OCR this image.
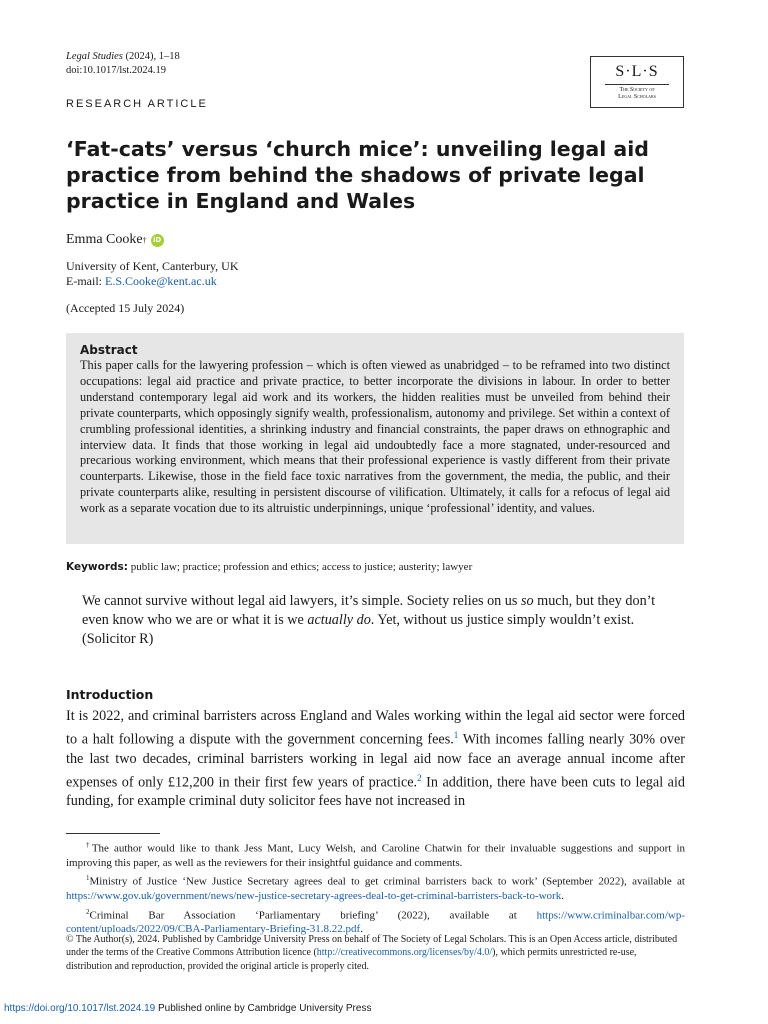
Legal Studies (2024), 1–18
doi:10.1017/lst.2024.19	S·L·S
The Society of
Legal Scholars
RESEARCH ARTICLE
‘Fat-cats’ versus ‘church mice’: unveiling legal aid practice from behind the shadows of private legal practice in England and Wales
Emma Cooke † iD
University of Kent, Canterbury, UK
E-mail: E.S.Cooke@kent.ac.uk
(Accepted 15 July 2024)
Abstract
This paper calls for the lawyering profession – which is often viewed as unabridged – to be reframed into two distinct occupations: legal aid practice and private practice, to better incorporate the divisions in labour. In order to better understand contemporary legal aid work and its workers, the hidden realities must be unveiled from behind their private counterparts, which opposingly signify wealth, professionalism, autonomy and privilege. Set within a context of crumbling professional identities, a shrinking industry and financial constraints, the paper draws on ethnographic and interview data. It finds that those working in legal aid undoubtedly face a more stagnated, under-resourced and precarious working environment, which means that their professional experience is vastly different from their private counterparts. Likewise, those in the field face toxic narratives from the government, the media, the public, and their private counterparts alike, resulting in persistent discourse of vilification. Ultimately, it calls for a refocus of legal aid work as a separate vocation due to its altruistic underpinnings, unique ‘professional’ identity, and values.
Keywords: public law; practice; profession and ethics; access to justice; austerity; lawyer
We cannot survive without legal aid lawyers, it’s simple. Society relies on us so much, but they don’t even know who we are or what it is we actually do. Yet, without us justice simply wouldn’t exist. (Solicitor R)
Introduction
It is 2022, and criminal barristers across England and Wales working within the legal aid sector were forced to a halt following a dispute with the government concerning fees.$^1$ With incomes falling nearly 30% over the last two decades, criminal barristers working in legal aid now face an average annual income after expenses of only £12,200 in their first few years of practice.$^2$ In addition, there have been cuts to legal aid funding, for example criminal duty solicitor fees have not increased in

†The author would like to thank Jess Mant, Lucy Welsh, and Caroline Chatwin for their invaluable suggestions and support in improving this paper, as well as the reviewers for their insightful guidance and comments.

$^1$Ministry of Justice ‘New Justice Secretary agrees deal to get criminal barristers back to work’ (September 2022), available at https://www.gov.uk/government/news/new-justice-secretary-agrees-deal-to-get-criminal-barristers-back-to-work.

$^2$Criminal Bar Association ‘Parliamentary briefing’ (2022), available at https://www.criminalbar.com/wp-content/uploads/2022/09/CBA-Parliamentary-Briefing-31.8.22.pdf.

© The Author(s), 2024. Published by Cambridge University Press on behalf of The Society of Legal Scholars. This is an Open Access article, distributed under the terms of the Creative Commons Attribution licence (http://creativecommons.org/licenses/by/4.0/), which permits unrestricted re-use, distribution and reproduction, provided the original article is properly cited.
https://doi.org/10.1017/lst.2024.19 Published online by Cambridge University Press
